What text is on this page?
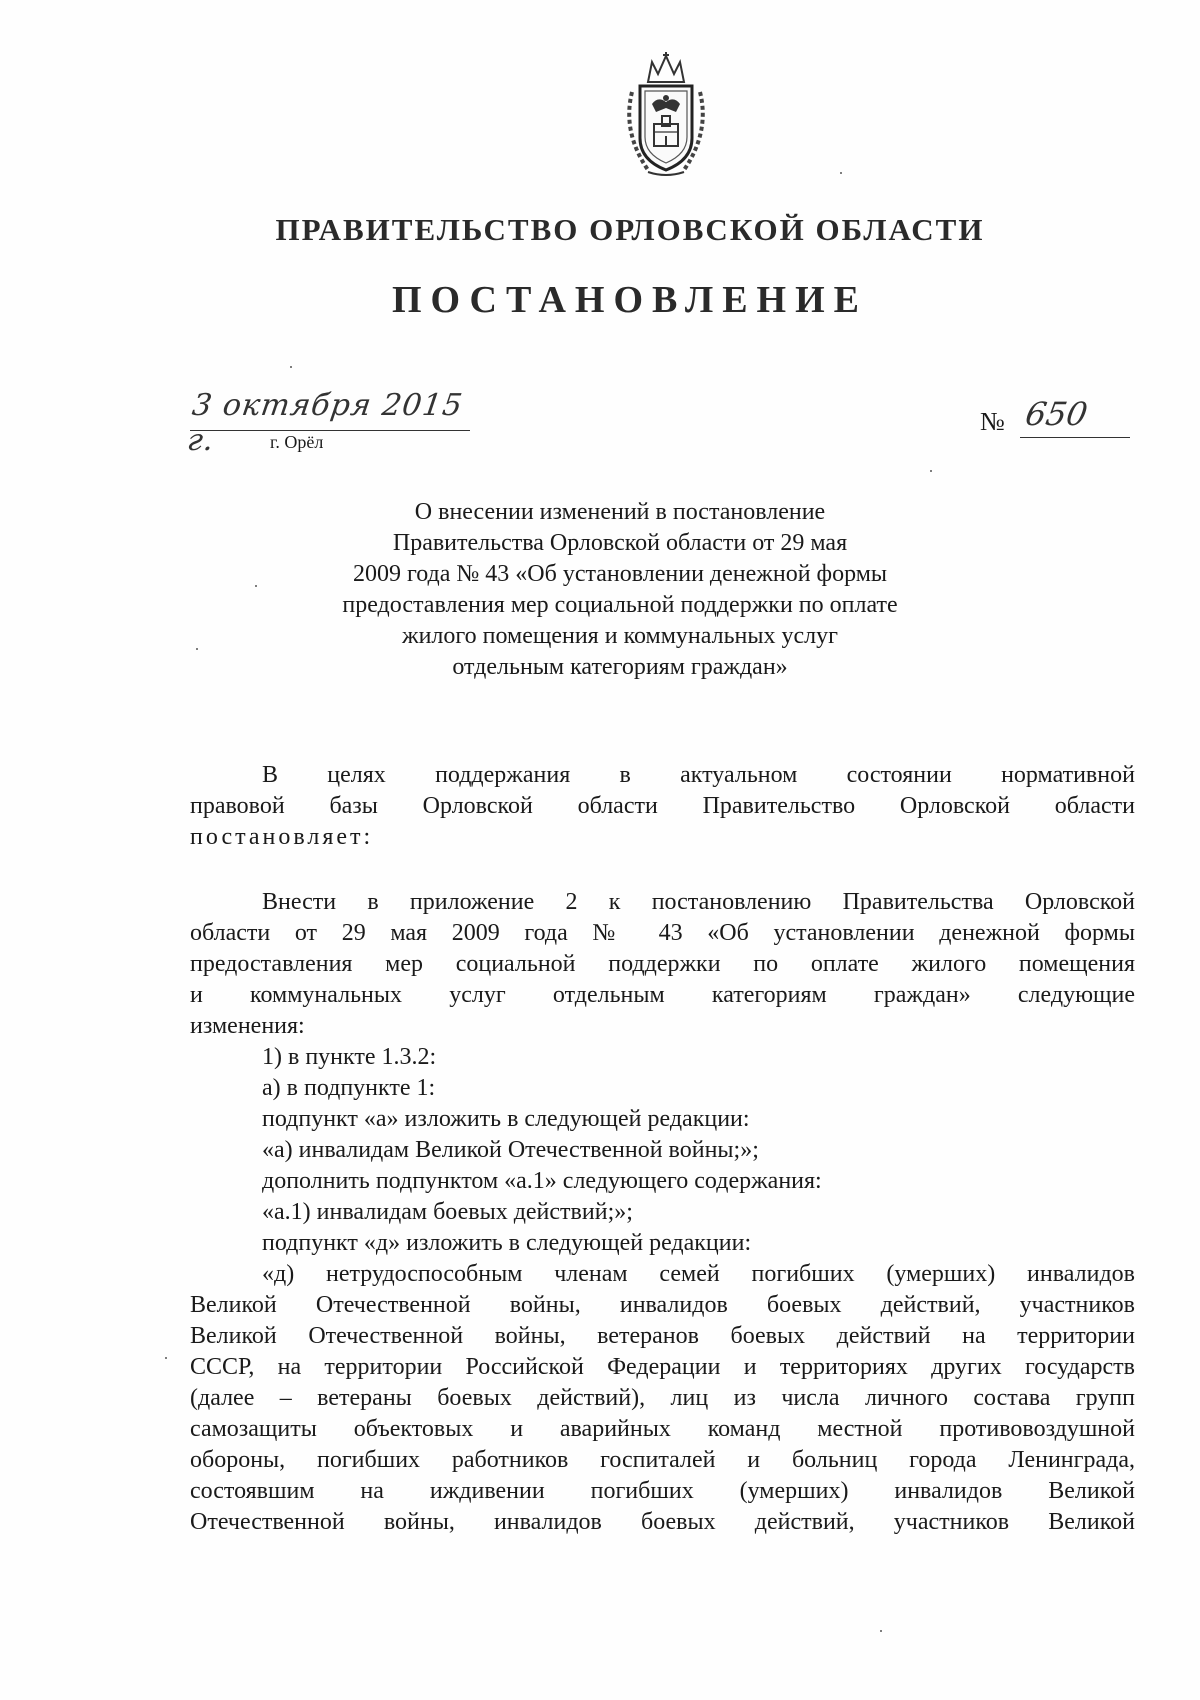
ПРАВИТЕЛЬСТВО ОРЛОВСКОЙ ОБЛАСТИ
ПОСТАНОВЛЕНИЕ
3 октября 2015 г.	г. Орёл
№ 650
О внесении изменений в постановление
Правительства Орловской области от 29 мая
2009 года № 43 «Об установлении денежной формы
предоставления мер социальной поддержки по оплате
жилого помещения и коммунальных услуг
отдельным категориям граждан»
В целях поддержания в актуальном состоянии нормативной
правовой базы Орловской области Правительство Орловской области
постановляет:
Внести в приложение 2 к постановлению Правительства Орловской
области от 29 мая 2009 года № 43 «Об установлении денежной формы
предоставления мер социальной поддержки по оплате жилого помещения
и коммунальных услуг отдельным категориям граждан» следующие
изменения:
1) в пункте 1.3.2:
а) в подпункте 1:
подпункт «а» изложить в следующей редакции:
«а) инвалидам Великой Отечественной войны;»;
дополнить подпунктом «а.1» следующего содержания:
«а.1) инвалидам боевых действий;»;
подпункт «д» изложить в следующей редакции:
«д) нетрудоспособным членам семей погибших (умерших) инвалидов
Великой Отечественной войны, инвалидов боевых действий, участников
Великой Отечественной войны, ветеранов боевых действий на территории
СССР, на территории Российской Федерации и территориях других государств
(далее – ветераны боевых действий), лиц из числа личного состава групп
самозащиты объектовых и аварийных команд местной противовоздушной
обороны, погибших работников госпиталей и больниц города Ленинграда,
состоявшим на иждивении погибших (умерших) инвалидов Великой
Отечественной войны, инвалидов боевых действий, участников Великой
